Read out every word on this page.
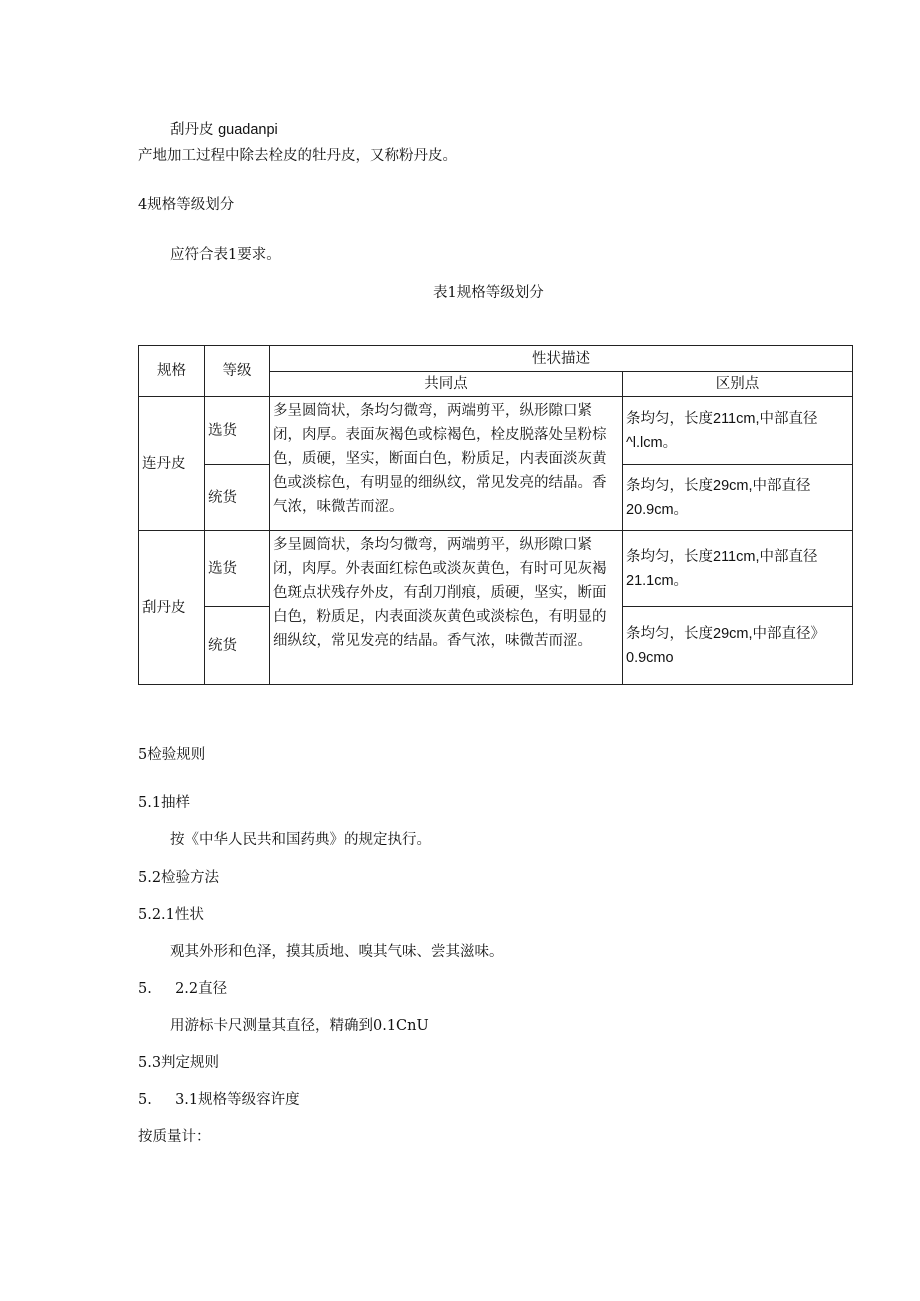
刮丹皮 guadanpi
产地加工过程中除去栓皮的牡丹皮，又称粉丹皮。
4规格等级划分
应符合表1要求。
表1规格等级划分
规格	等级	性状描述	
		共同点	区别点
连丹皮	选货	多呈圆筒状，条均匀微弯，两端剪平，纵形隙口紧闭，肉厚。表面灰褐色或棕褐色，栓皮脱落处呈粉棕色，质硬，坚实，断面白色，粉质足，内表面淡灰黄色或淡棕色，有明显的细纵纹，常见发亮的结晶。香气浓，味微苦而涩。	条均匀，长度211cm,中部直径^l.lcm。
	统货		条均匀，长度29cm,中部直径20.9cm。
刮丹皮	选货	多呈圆筒状，条均匀微弯，两端剪平，纵形隙口紧闭，肉厚。外表面红棕色或淡灰黄色，有时可见灰褐色斑点状残存外皮，有刮刀削痕，质硬，坚实，断面白色，粉质足，内表面淡灰黄色或淡棕色，有明显的细纵纹，常见发亮的结晶。香气浓，味微苦而涩。	条均匀，长度211cm,中部直径21.1cm。
	统货		条均匀，长度29cm,中部直径》0.9cmo
5检验规则
5.1抽样
按《中华人民共和国药典》的规定执行。
5.2检验方法
5.2.1性状
观其外形和色泽，摸其质地、嗅其气味、尝其滋味。
5. 2.2直径
用游标卡尺测量其直径，精确到0.1CnU
5.3判定规则
5. 3.1规格等级容许度
按质量计：
